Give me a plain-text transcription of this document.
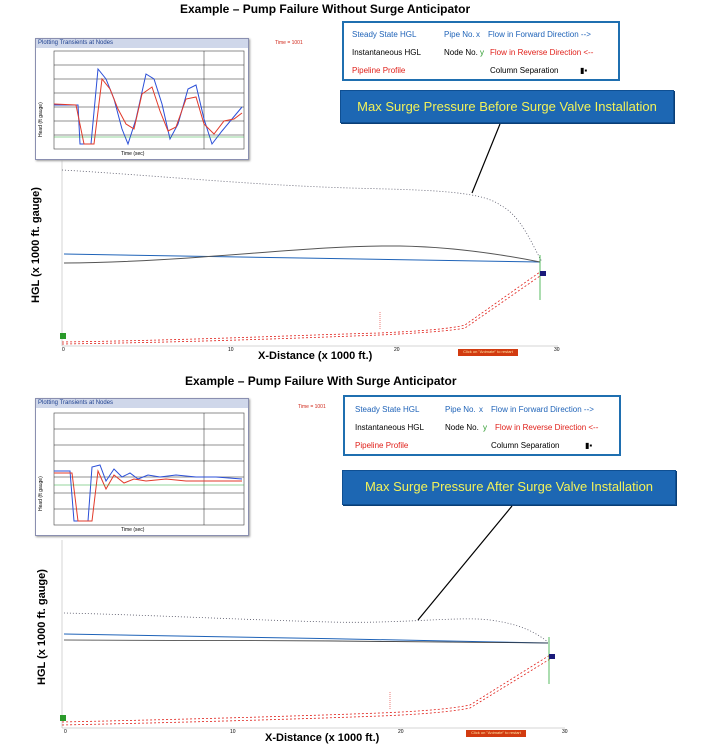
Example – Pump Failure Without Surge Anticipator
Plotting Transients at Nodes
Time (sec)
Head (ft gauge)
Time = 1001
Steady State HGL	Pipe No. x Flow in Forward Direction -->
Instantaneous HGL	Node No. y Flow in Reverse Direction <--
Pipeline Profile	Column Separation	▮▪
Max Surge Pressure Before Surge Valve Installation
Click on "Animate" to restart
0	10	20	30
X-Distance (x 1000 ft.)
HGL (x 1000 ft. gauge)
Example – Pump Failure With Surge Anticipator
Plotting Transients at Nodes
Time (sec)
Head (ft gauge)
Time = 1001	Steady State HGL	Pipe No. x Flow in Forward Direction -->
Instantaneous HGL	Node No. y Flow in Reverse Direction <--
Pipeline Profile	Column Separation	▮▪
Max Surge Pressure After Surge Valve Installation
Click on "Animate" to restart
0	10	20	30
X-Distance (x 1000 ft.)
HGL (x 1000 ft. gauge)
